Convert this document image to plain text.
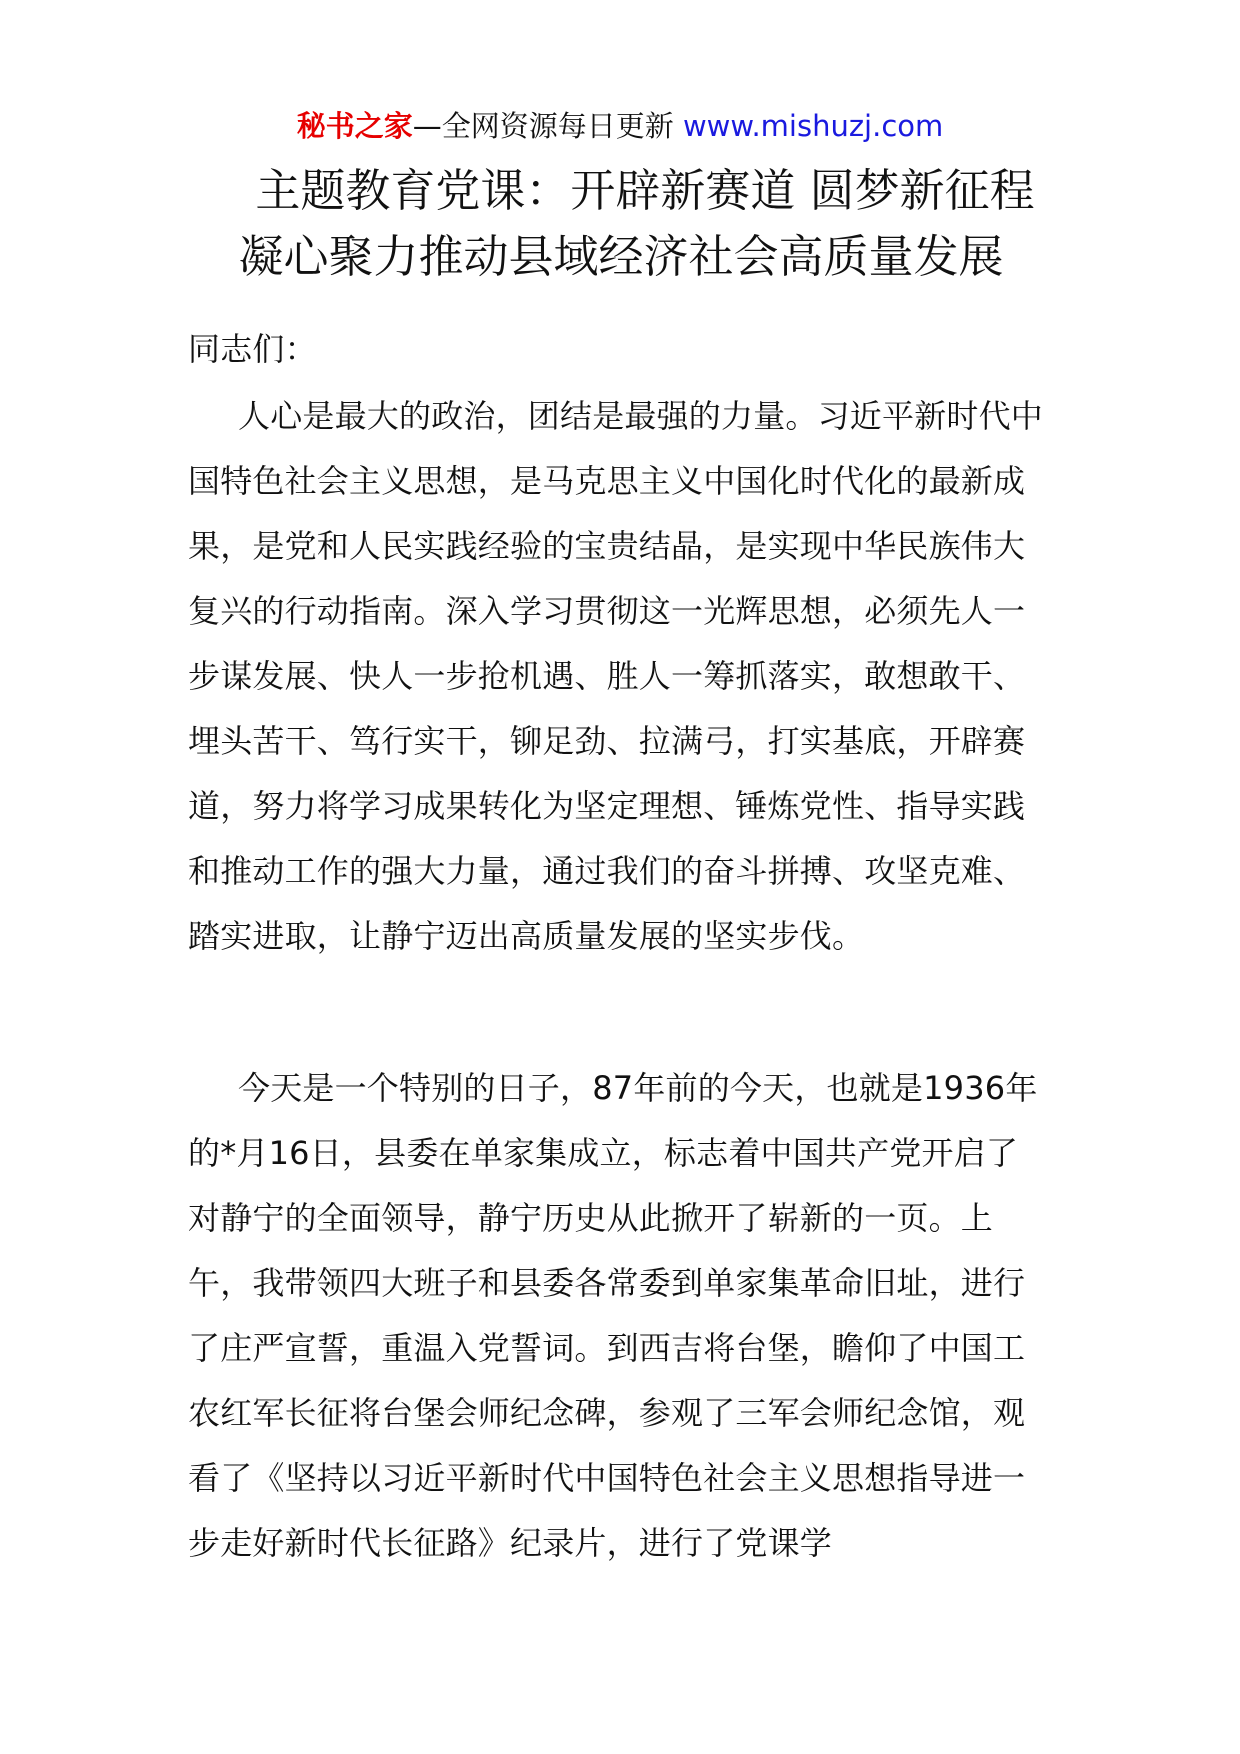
秘书之家—全网资源每日更新 www.mishuzj.com
主题教育党课：开辟新赛道 圆梦新征程
凝心聚力推动县域经济社会高质量发展
同志们：

人心是最大的政治，团结是最强的力量。习近平新时代中国特色社会主义思想，是马克思主义中国化时代化的最新成果，是党和人民实践经验的宝贵结晶，是实现中华民族伟大复兴的行动指南。深入学习贯彻这一光辉思想，必须先人一步谋发展、快人一步抢机遇、胜人一筹抓落实，敢想敢干、埋头苦干、笃行实干，铆足劲、拉满弓，打实基底，开辟赛道，努力将学习成果转化为坚定理想、锤炼党性、指导实践和推动工作的强大力量，通过我们的奋斗拼搏、攻坚克难、踏实进取，让静宁迈出高质量发展的坚实步伐。

今天是一个特别的日子，87年前的今天，也就是1936年的*月16日，县委在单家集成立，标志着中国共产党开启了对静宁的全面领导，静宁历史从此掀开了崭新的一页。上午，我带领四大班子和县委各常委到单家集革命旧址，进行了庄严宣誓，重温入党誓词。到西吉将台堡，瞻仰了中国工农红军长征将台堡会师纪念碑，参观了三军会师纪念馆，观看了《坚持以习近平新时代中国特色社会主义思想指导进一步走好新时代长征路》纪录片，进行了党课学
